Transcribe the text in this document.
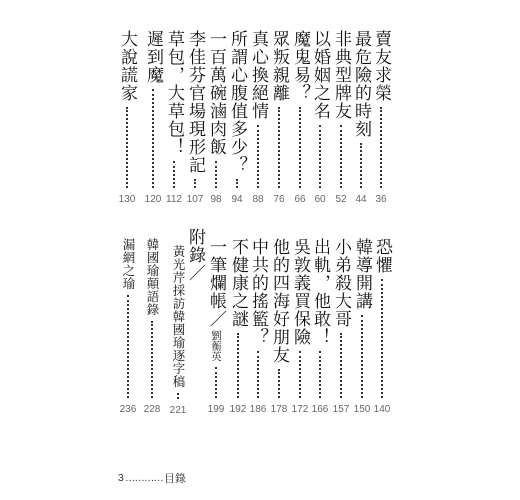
賣友求榮
36
最危險的時刻
44
非典型牌友
52
以婚姻之名
60
魔鬼易？
66
眾叛親離
76
真心換絕情
88
所謂心腹值多少？
94
一百萬碗滷肉飯
98
李佳芬官場現形記
107
草包，大草包！
112
遲到魔
120
大說謊家
130
恐懼
140
韓導開講
150
小弟殺大哥
157
出軌，他敢！
166
吳敦義買保險
172
他的四海好朋友
178
中共的搖籃？
186
不健康之謎
192
一筆爛帳／
劉蘅英
199
附錄／
黃光芹採訪韓國瑜逐字稿
221
韓國瑜顛語錄
228
漏網之瑜
236
3 ………… 目錄
